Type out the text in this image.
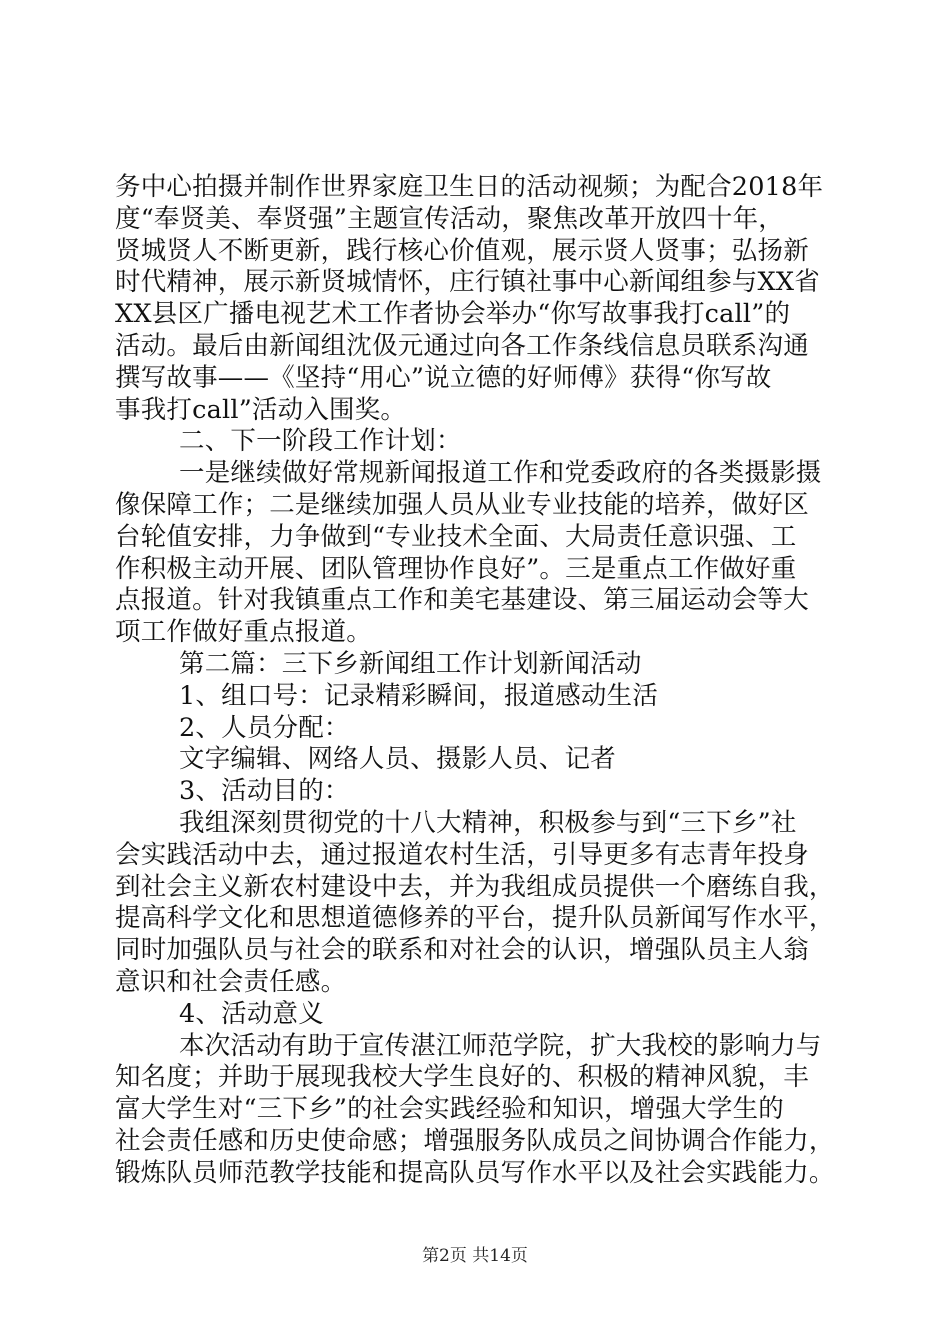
务中心拍摄并制作世界家庭卫生日的活动视频；为配合2018年
度“奉贤美、奉贤强”主题宣传活动，聚焦改革开放四十年，
贤城贤人不断更新，践行核心价值观，展示贤人贤事；弘扬新
时代精神，展示新贤城情怀，庄行镇社事中心新闻组参与XX省
XX县区广播电视艺术工作者协会举办“你写故事我打call”的
活动。最后由新闻组沈伋元通过向各工作条线信息员联系沟通
撰写故事——《坚持“用心”说立德的好师傅》获得“你写故
事我打call”活动入围奖。
二、下一阶段工作计划：
一是继续做好常规新闻报道工作和党委政府的各类摄影摄
像保障工作；二是继续加强人员从业专业技能的培养，做好区
台轮值安排，力争做到“专业技术全面、大局责任意识强、工
作积极主动开展、团队管理协作良好”。三是重点工作做好重
点报道。针对我镇重点工作和美宅基建设、第三届运动会等大
项工作做好重点报道。
第二篇：三下乡新闻组工作计划新闻活动
1、组口号：记录精彩瞬间，报道感动生活
2、人员分配：
文字编辑、网络人员、摄影人员、记者
3、活动目的：
我组深刻贯彻党的十八大精神，积极参与到“三下乡”社
会实践活动中去，通过报道农村生活，引导更多有志青年投身
到社会主义新农村建设中去，并为我组成员提供一个磨练自我，
提高科学文化和思想道德修养的平台，提升队员新闻写作水平，
同时加强队员与社会的联系和对社会的认识，增强队员主人翁
意识和社会责任感。
4、活动意义
本次活动有助于宣传湛江师范学院，扩大我校的影响力与
知名度；并助于展现我校大学生良好的、积极的精神风貌，丰
富大学生对“三下乡”的社会实践经验和知识，增强大学生的
社会责任感和历史使命感；增强服务队成员之间协调合作能力，
锻炼队员师范教学技能和提高队员写作水平以及社会实践能力。
第2页 共14页
